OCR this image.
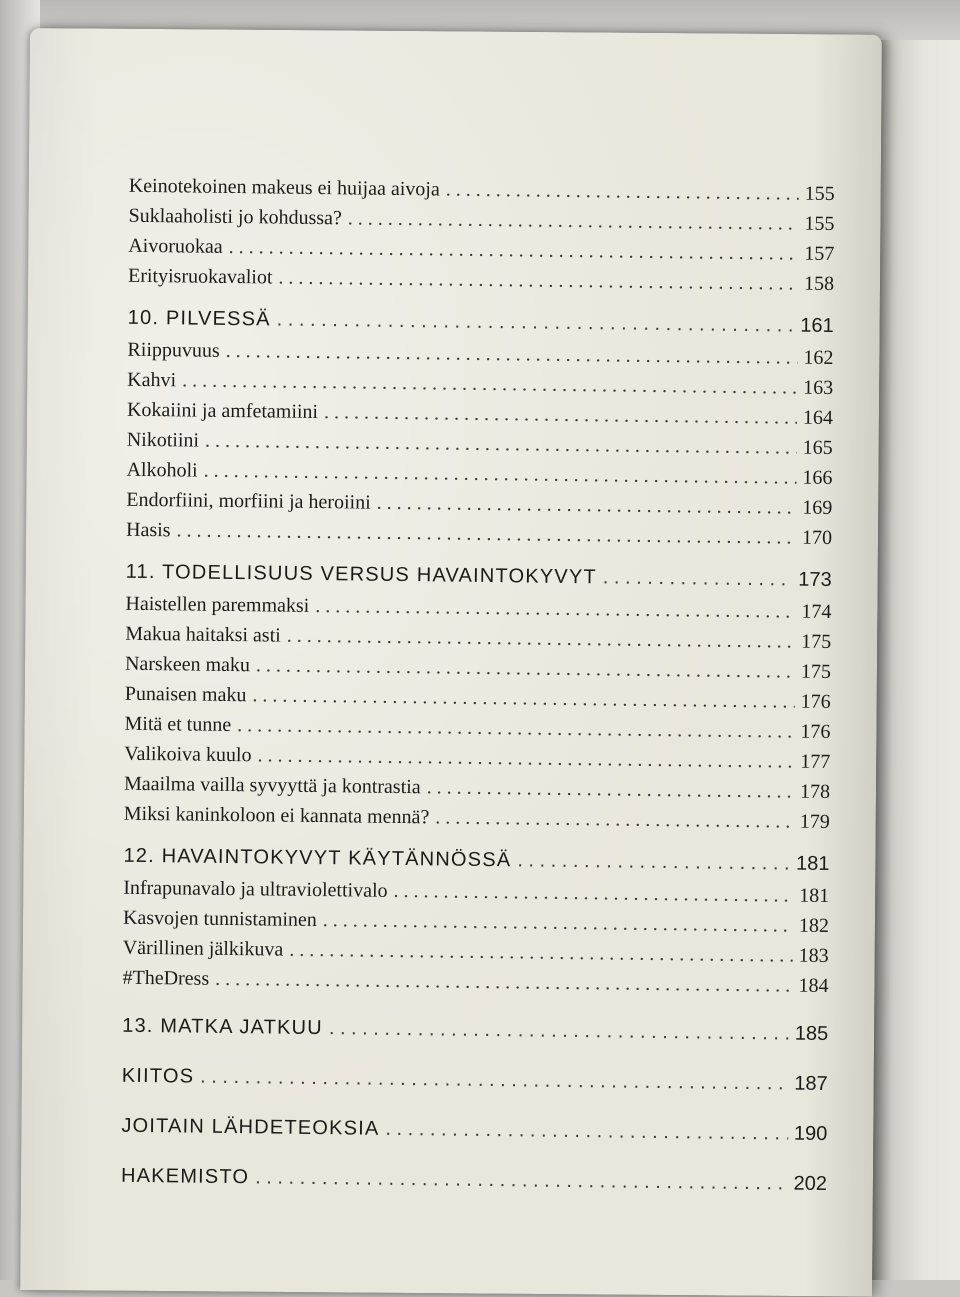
Keinotekoinen makeus ei huijaa aivoja . . .	155
Suklaaholisti jo kohdussa? . . .	155
Aivoruokaa . . .	157
Erityisruokavaliot . . .	158
10. PILVESSÄ . . .	161
Riippuvuus . . .	162
Kahvi . . .	163
Kokaiini ja amfetamiini . . .	164
Nikotiini . . .	165
Alkoholi . . .	166
Endorfiini, morfiini ja heroiini . . .	169
Hasis . . .	170
11. TODELLISUUS VERSUS HAVAINTOKYVYT . . .	173
Haistellen paremmaksi . . .	174
Makua haitaksi asti . . .	175
Narskeen maku . . .	175
Punaisen maku . . .	176
Mitä et tunne . . .	176
Valikoiva kuulo . . .	177
Maailma vailla syvyyttä ja kontrastia . . .	178
Miksi kaninkoloon ei kannata mennä? . . .	179
12. HAVAINTOKYVYT KÄYTÄNNÖSSÄ . . .	181
Infrapunavalo ja ultraviolettivalo . . .	181
Kasvojen tunnistaminen . . .	182
Värillinen jälkikuva . . .	183
#TheDress . . .	184
13. MATKA JATKUU . . .	185
KIITOS . . .	187
JOITAIN LÄHDETEOKSIA . . .	190
HAKEMISTO . . .	202
